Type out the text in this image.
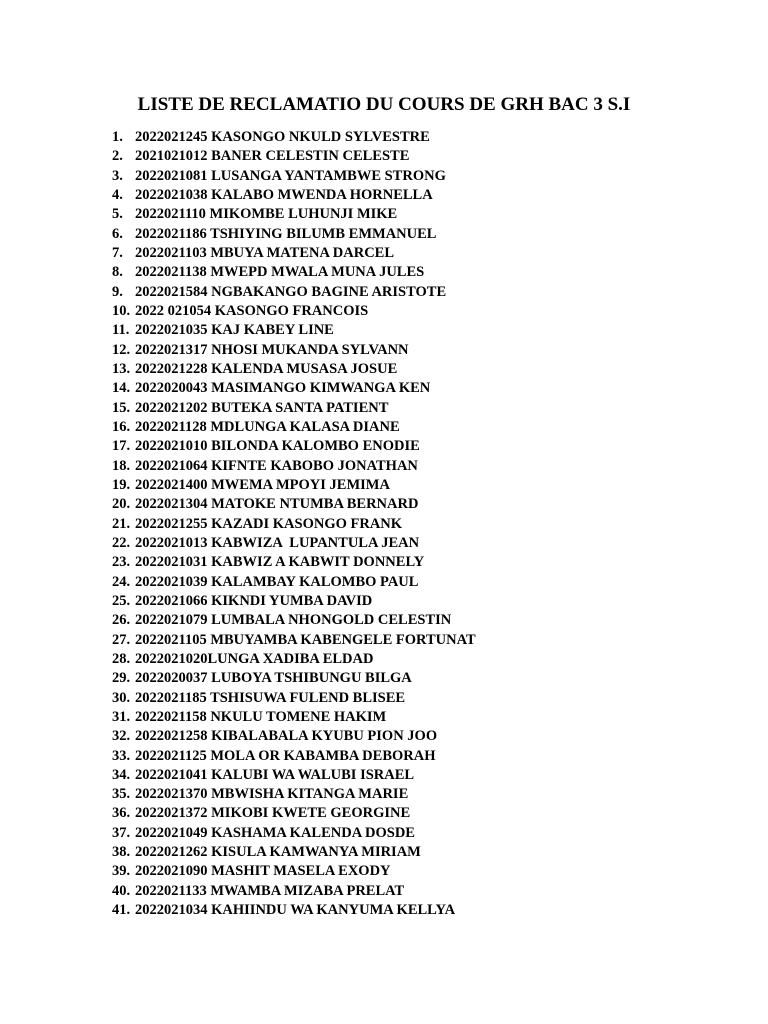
LISTE DE RECLAMATIO DU COURS DE GRH BAC 3 S.I
1. 2022021245 KASONGO NKULD SYLVESTRE
2. 2021021012 BANER CELESTIN CELESTE
3. 2022021081 LUSANGA YANTAMBWE STRONG
4. 2022021038 KALABO MWENDA HORNELLA
5. 2022021110 MIKOMBE LUHUNJI MIKE
6. 2022021186 TSHIYING BILUMB EMMANUEL
7. 2022021103 MBUYA MATENA DARCEL
8. 2022021138 MWEPD MWALA MUNA JULES
9. 2022021584 NGBAKANGO BAGINE ARISTOTE
10. 2022 021054 KASONGO FRANCOIS
11. 2022021035 KAJ KABEY LINE
12. 2022021317 NHOSI MUKANDA SYLVANN
13. 2022021228 KALENDA MUSASA JOSUE
14. 2022020043 MASIMANGO KIMWANGA KEN
15. 2022021202 BUTEKA SANTA PATIENT
16. 2022021128 MDLUNGA KALASA DIANE
17. 2022021010 BILONDA KALOMBO ENODIE
18. 2022021064 KIFNTE KABOBO JONATHAN
19. 2022021400 MWEMA MPOYI JEMIMA
20. 2022021304 MATOKE NTUMBA BERNARD
21. 2022021255 KAZADI KASONGO FRANK
22. 2022021013 KABWIZA  LUPANTULA JEAN
23. 2022021031 KABWIZ A KABWIT DONNELY
24. 2022021039 KALAMBAY KALOMBO PAUL
25. 2022021066 KIKNDI YUMBA DAVID
26. 2022021079 LUMBALA NHONGOLD CELESTIN
27. 2022021105 MBUYAMBA KABENGELE FORTUNAT
28. 2022021020LUNGA XADIBA ELDAD
29. 2022020037 LUBOYA TSHIBUNGU BILGA
30. 2022021185 TSHISUWA FULEND BLISEE
31. 2022021158 NKULU TOMENE HAKIM
32. 2022021258 KIBALABALA KYUBU PION JOO
33. 2022021125 MOLA OR KABAMBA DEBORAH
34. 2022021041 KALUBI WA WALUBI ISRAEL
35. 2022021370 MBWISHA KITANGA MARIE
36. 2022021372 MIKOBI KWETE GEORGINE
37. 2022021049 KASHAMA KALENDA DOSDE
38. 2022021262 KISULA KAMWANYA MIRIAM
39. 2022021090 MASHIT MASELA EXODY
40. 2022021133 MWAMBA MIZABA PRELAT
41. 2022021034 KAHIINDU WA KANYUMA KELLYA
